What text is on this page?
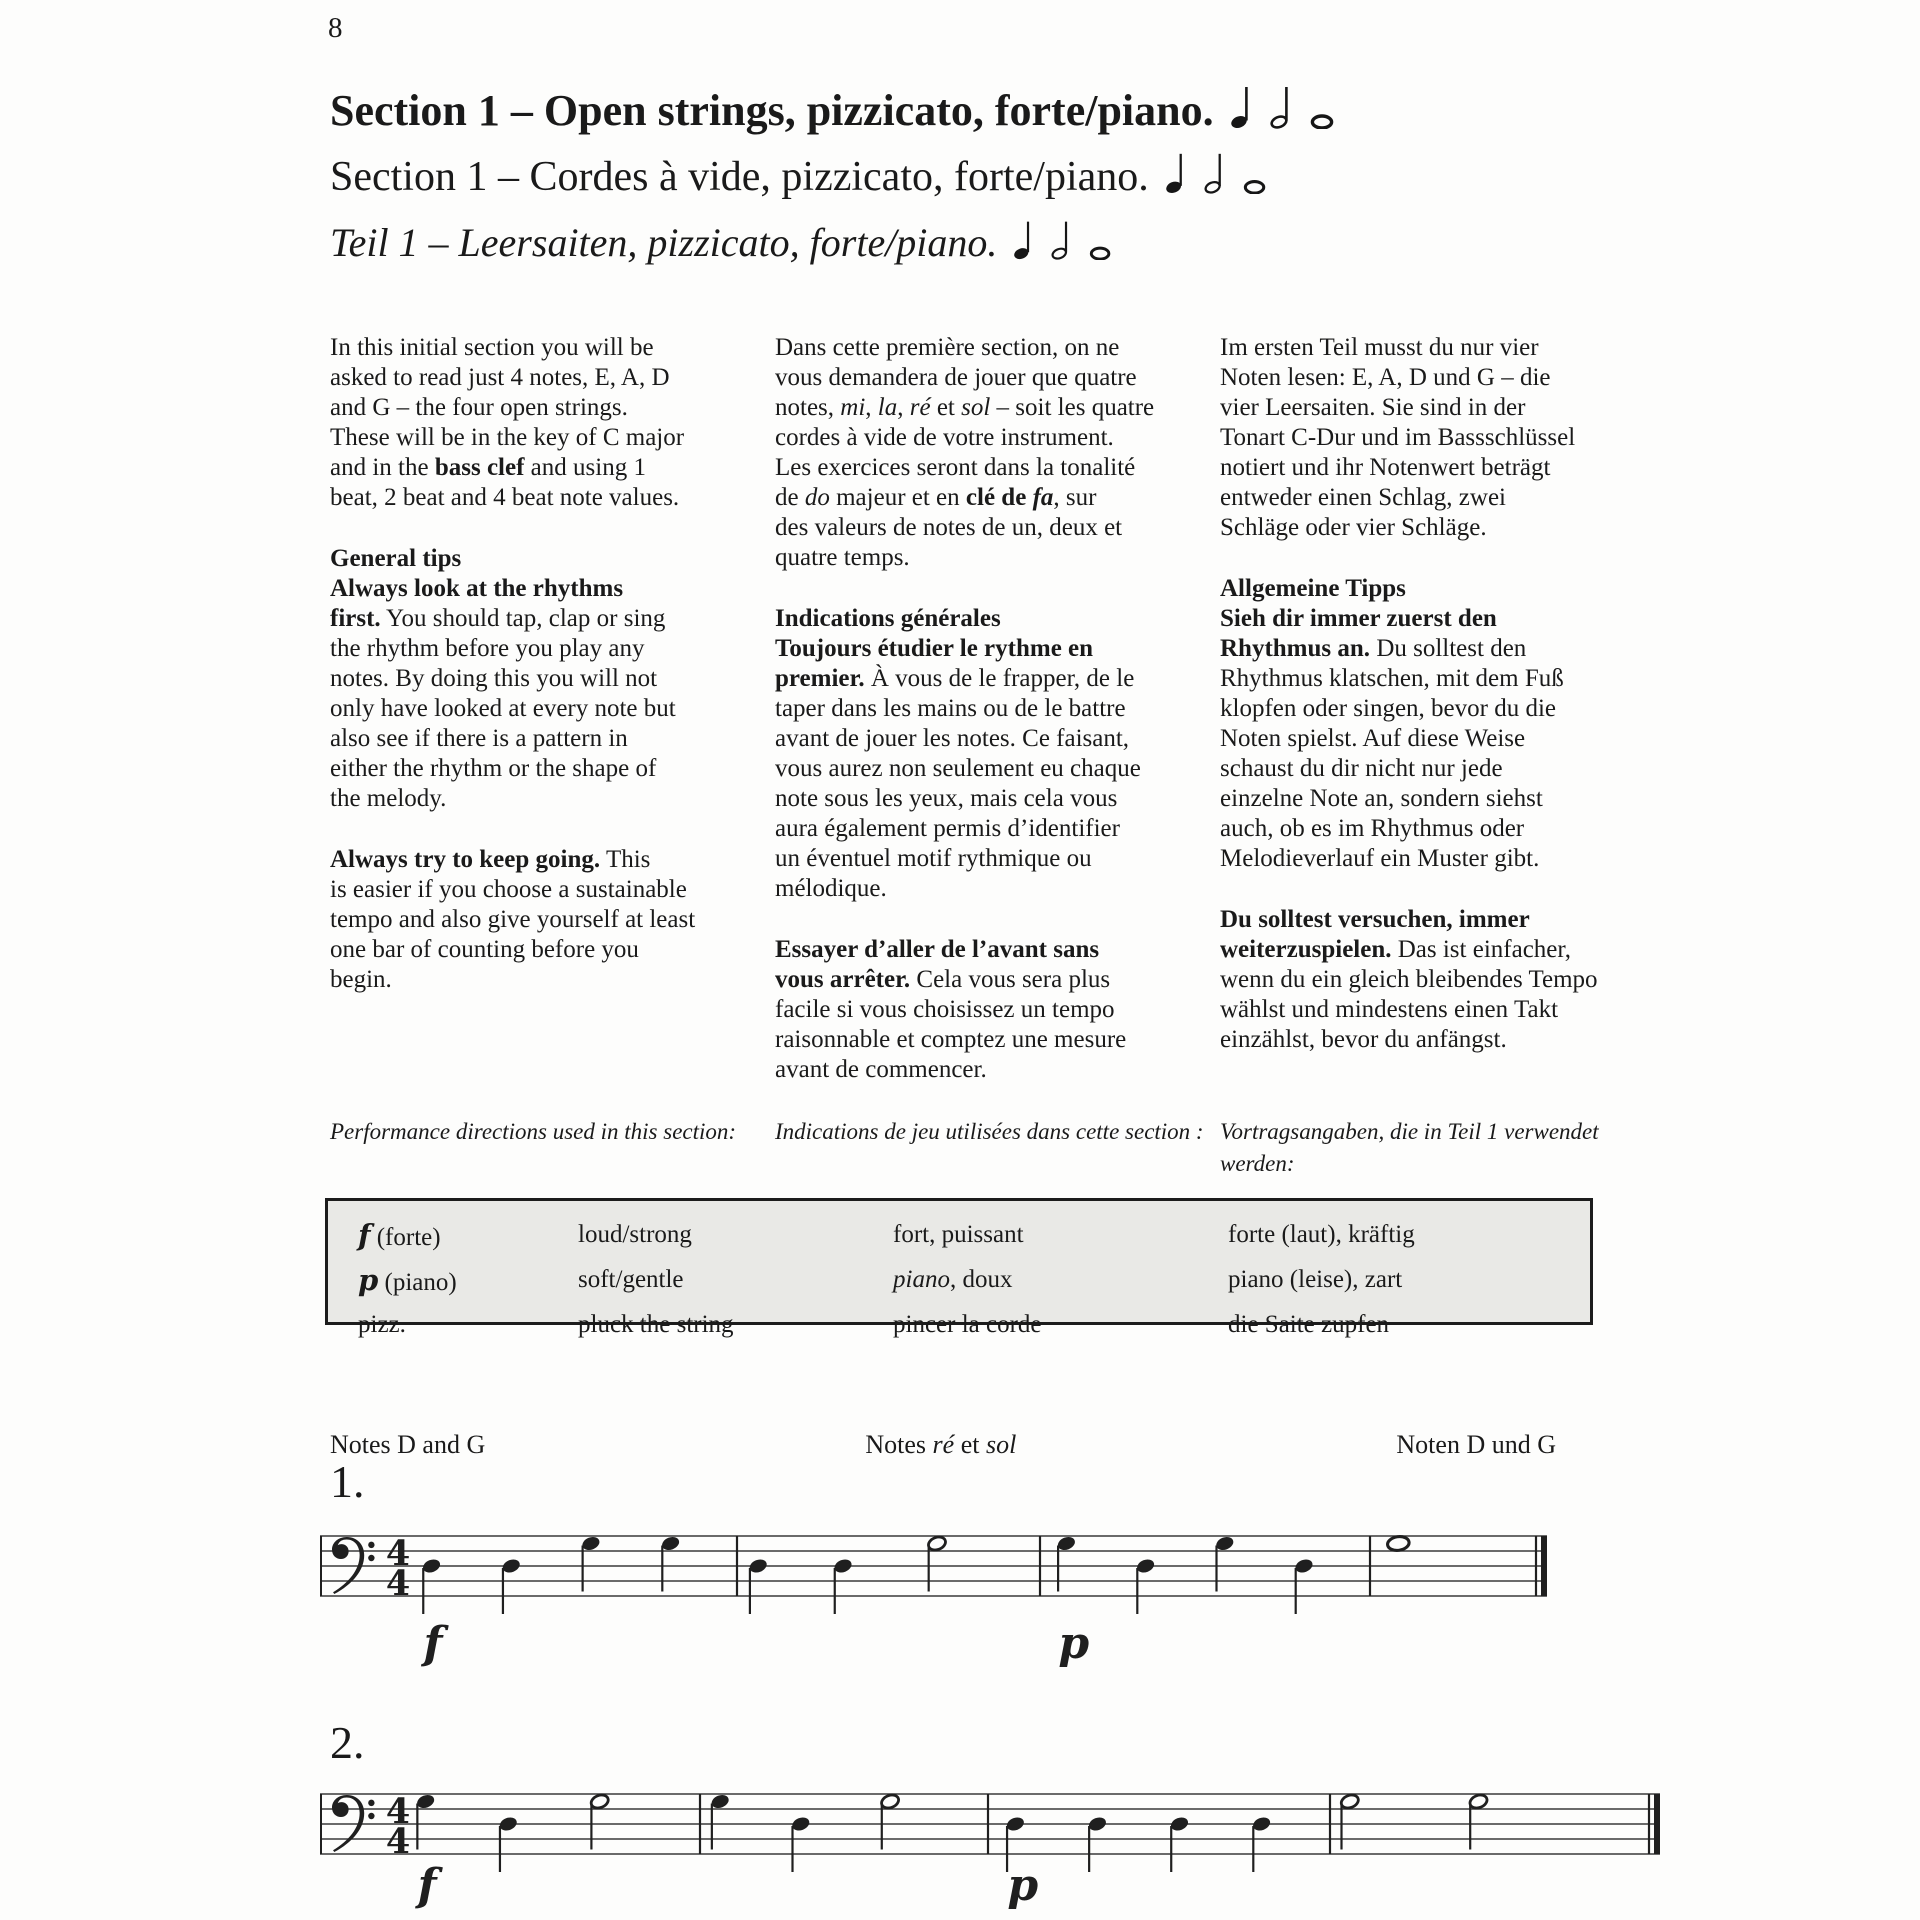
8
Section 1 – Open strings, pizzicato, forte/piano.
Section 1 – Cordes à vide, pizzicato, forte/piano.
Teil 1 – Leersaiten, pizzicato, forte/piano.
In this initial section you will be
asked to read just 4 notes, E, A, D
and G – the four open strings.
These will be in the key of C major
and in the bass clef and using 1
beat, 2 beat and 4 beat note values.
General tips
Always look at the rhythms
first. You should tap, clap or sing
the rhythm before you play any
notes. By doing this you will not
only have looked at every note but
also see if there is a pattern in
either the rhythm or the shape of
the melody.
Always try to keep going. This
is easier if you choose a sustainable
tempo and also give yourself at least
one bar of counting before you
begin.
Dans cette première section, on ne
vous demandera de jouer que quatre
notes, mi, la, ré et sol – soit les quatre
cordes à vide de votre instrument.
Les exercices seront dans la tonalité
de do majeur et en clé de fa, sur
des valeurs de notes de un, deux et
quatre temps.
Indications générales
Toujours étudier le rythme en
premier. À vous de le frapper, de le
taper dans les mains ou de le battre
avant de jouer les notes. Ce faisant,
vous aurez non seulement eu chaque
note sous les yeux, mais cela vous
aura également permis d’identifier
un éventuel motif rythmique ou
mélodique.
Essayer d’aller de l’avant sans
vous arrêter. Cela vous sera plus
facile si vous choisissez un tempo
raisonnable et comptez une mesure
avant de commencer.
Im ersten Teil musst du nur vier
Noten lesen: E, A, D und G – die
vier Leersaiten. Sie sind in der
Tonart C-Dur und im Bassschlüssel
notiert und ihr Notenwert beträgt
entweder einen Schlag, zwei
Schläge oder vier Schläge.
Allgemeine Tipps
Sieh dir immer zuerst den
Rhythmus an. Du solltest den
Rhythmus klatschen, mit dem Fuß
klopfen oder singen, bevor du die
Noten spielst. Auf diese Weise
schaust du dir nicht nur jede
einzelne Note an, sondern siehst
auch, ob es im Rhythmus oder
Melodieverlauf ein Muster gibt.
Du solltest versuchen, immer
weiterzuspielen. Das ist einfacher,
wenn du ein gleich bleibendes Tempo
wählst und mindestens einen Takt
einzählst, bevor du anfängst.
Performance directions used in this section:	Indications de jeu utilisées dans cette section : Vortragsangaben, die in Teil 1 verwendet
werden:
f (forte)	loud/strong	fort, puissant	forte (laut), kräftig
p (piano)	soft/gentle	piano, doux	piano (leise), zart
pizz.	pluck the string	pincer la corde	die Saite zupfen
Notes D and G	Notes ré et sol	Noten D und G
1.
4
4
f	p
2.
4
4
f	p
